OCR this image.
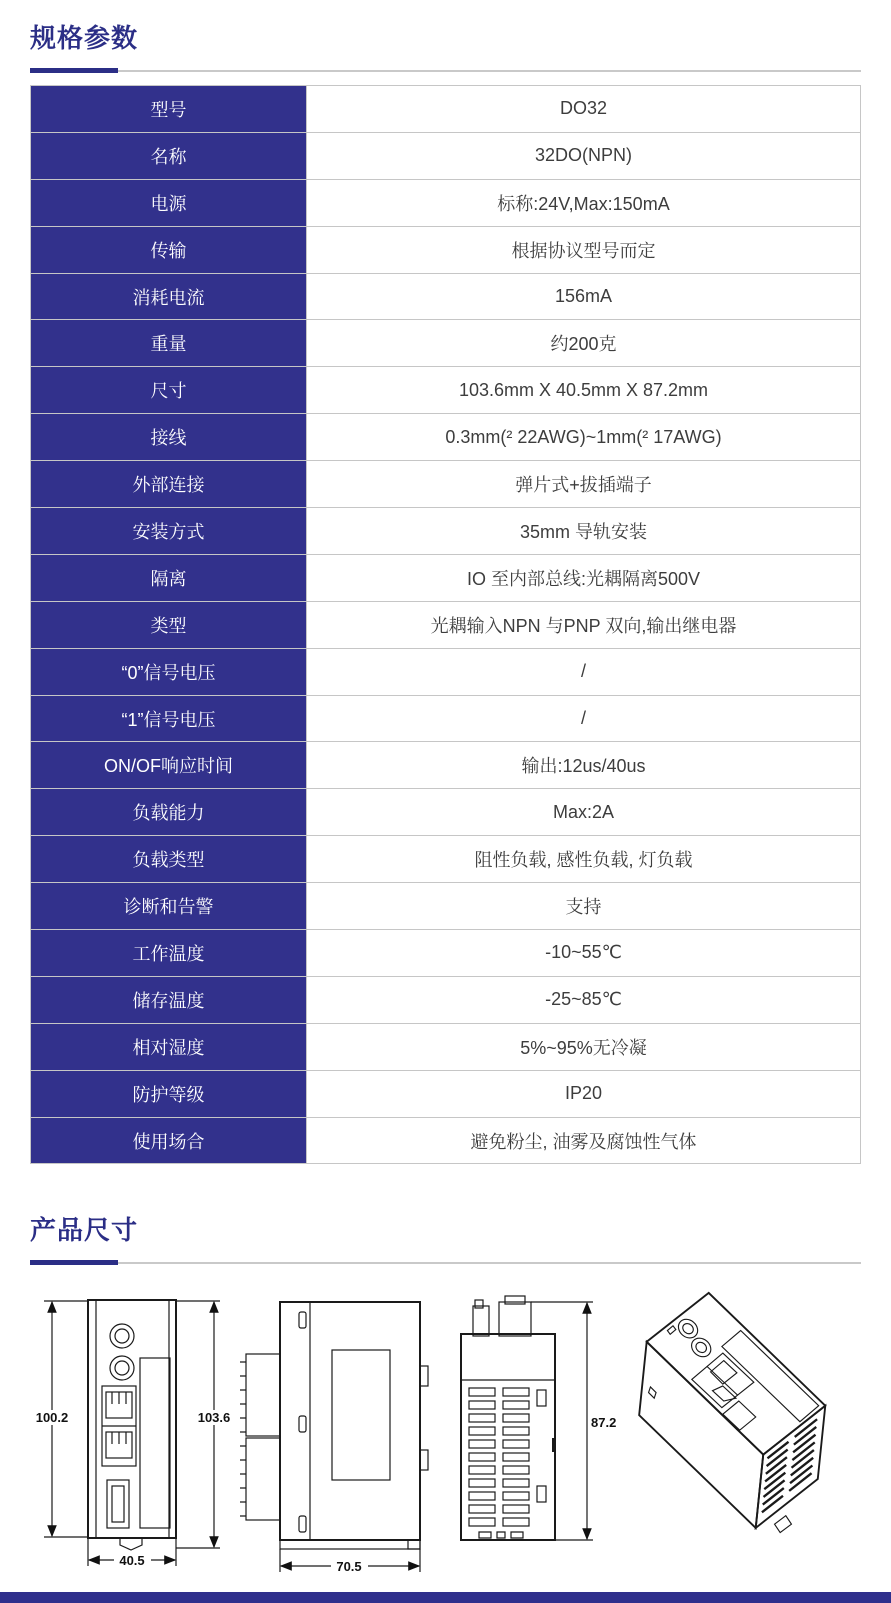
规格参数
型号	DO32
名称	32DO(NPN)
电源	标称:24V,Max:150mA
传输	根据协议型号而定
消耗电流	156mA
重量	约200克
尺寸	103.6mm X 40.5mm X 87.2mm
接线	0.3mm(² 22AWG)~1mm(² 17AWG)
外部连接	弹片式+拔插端子
安装方式	35mm 导轨安装
隔离	IO 至内部总线:光耦隔离500V
类型	光耦输入NPN 与PNP 双向,输出继电器
“0”信号电压	/
“1”信号电压	/
ON/OF响应时间	输出:12us/40us
负载能力	Max:2A
负载类型	阻性负载, 感性负载, 灯负载
诊断和告警	支持
工作温度	-10~55℃
储存温度	-25~85℃
相对湿度	5%~95%无冷凝
防护等级	IP20
使用场合	避免粉尘, 油雾及腐蚀性气体
产品尺寸
100.2	103.6
40.5	70.5
87.2
